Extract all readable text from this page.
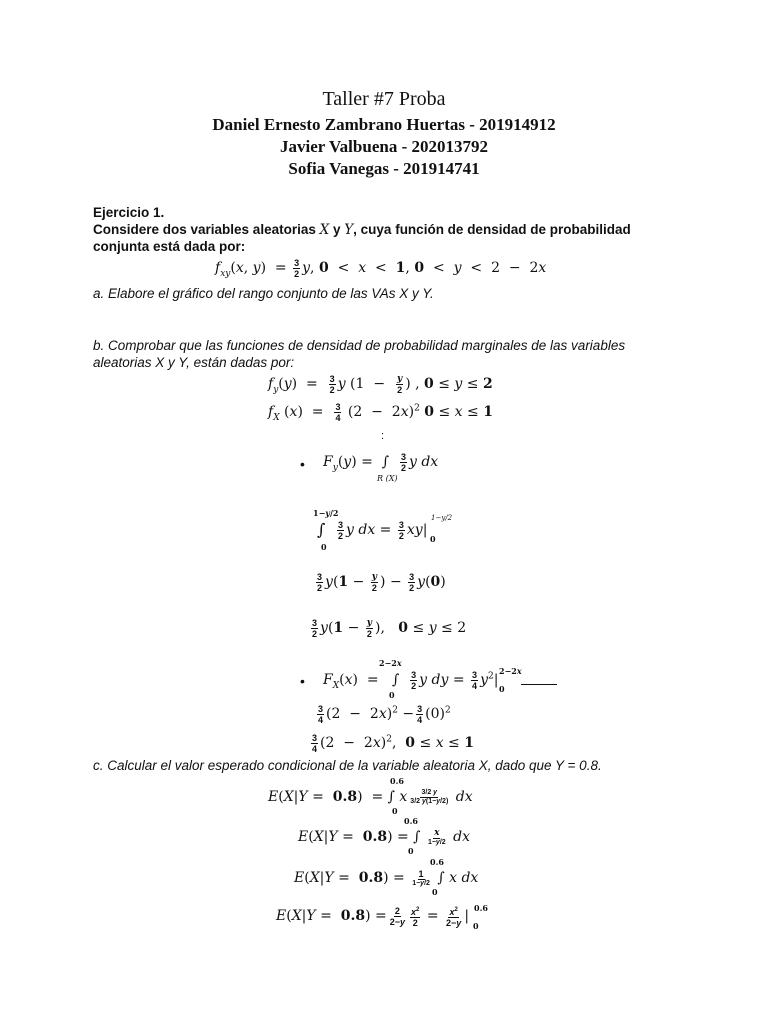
Taller #7 Proba
Daniel Ernesto Zambrano Huertas - 201914912
Javier Valbuena - 202013792
Sofia Vanegas - 201914741
Ejercicio 1.
Considere dos variables aleatorias X y Y, cuya función de densidad de probabilidad
conjunta está dada por:
$f_{xy}(x$, $y) = \frac{3}{2} y$, 0  <  x  <  1, 0  <  y  <  2  −  2x
a. Elabore el gráfico del rango conjunto de las VAs X y Y.
b. Comprobar que las funciones de densidad de probabilidad marginales de las variables
aleatorias X y Y, están dadas por:
$f_y(y) = \frac{3}{2}$ y ($1 - \frac{y}{2}$ ) , 0 ≤ y ≤ 2
$f_X$ $(x) = \frac{3}{4} (2 - 2x)^2$ 0 ≤ x ≤ 1
:
• $F_y(y)$ =  ∫ $\frac{3}{2}$ y dx
R (X)
1−y/2
∫
0
$\frac{3}{2}$ y dx = $\frac{3}{2} xy|$
1−y/2
0
$\frac{3}{2} y(1 - \frac{y}{2}$ ) − $\frac{3}{2} y(0)$
$\frac{3}{2} y(1 - \frac{y}{2}$ ),   0 ≤ y ≤ 2
•
2−2x
$F_X(x)$  =   ∫ $\frac{3}{2}$ y dy = $\frac{3}{4} y^2|$
0
2−2x
0
$\frac{3}{4} (2 - 2x)^2 - \frac{3}{4} (0)^2$
$\frac{3}{4} (2 - 2x)^2$,  0 ≤ x ≤ 1
c. Calcular el valor esperado condicional de la variable aleatoria X, dado que Y = 0.8.
0.6
E(X|Y =  0.8)  = ∫ x $\frac{3/2 y}{3/2 y(1-y/2)}$ dx
0
0.6
E(X|Y =  0.8) = ∫ $\frac{x}{1-y/2}$ dx
0
0.6
$E(X|Y = 0.8) = \frac{1}{1-y/2}$ ∫ x dx
0
$E(X|Y = 0.8) = \frac{2}{2-y} \frac{x^2}{2} = \frac{x^2}{2-y}$ |
0.6
0
